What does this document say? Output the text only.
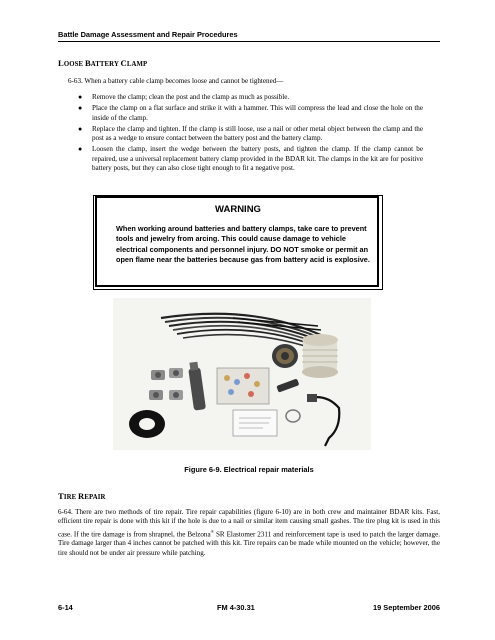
Battle Damage Assessment and Repair Procedures
LOOSE BATTERY CLAMP
6-63. When a battery cable clamp becomes loose and cannot be tightened—
● Remove the clamp; clean the post and the clamp as much as possible.
● Place the clamp on a flat surface and strike it with a hammer. This will compress the lead and close the hole on the inside of the clamp.
● Replace the clamp and tighten. If the clamp is still loose, use a nail or other metal object between the clamp and the post as a wedge to ensure contact between the battery post and the battery clamp.
● Loosen the clamp, insert the wedge between the battery posts, and tighten the clamp. If the clamp cannot be repaired, use a universal replacement battery clamp provided in the BDAR kit. The clamps in the kit are for positive battery posts, but they can also close tight enough to fit a negative post.
WARNING
When working around batteries and battery clamps, take care to prevent tools and jewelry from arcing. This could cause damage to vehicle electrical components and personnel injury. DO NOT smoke or permit an open flame near the batteries because gas from battery acid is explosive.
Figure 6-9. Electrical repair materials
TIRE REPAIR
6-64. There are two methods of tire repair. Tire repair capabilities (figure 6-10) are in both crew and maintainer BDAR kits. Fast, efficient tire repair is done with this kit if the hole is due to a nail or similar item causing small gashes. The tire plug kit is used in this case. If the tire damage is from shrapnel, the Belzona® SR Elastomer 2311 and reinforcement tape is used to patch the larger damage. Tire damage larger than 4 inches cannot be patched with this kit. Tire repairs can be made while mounted on the vehicle; however, the tire should not be under air pressure while patching.
6-14	FM 4-30.31	19 September 2006
